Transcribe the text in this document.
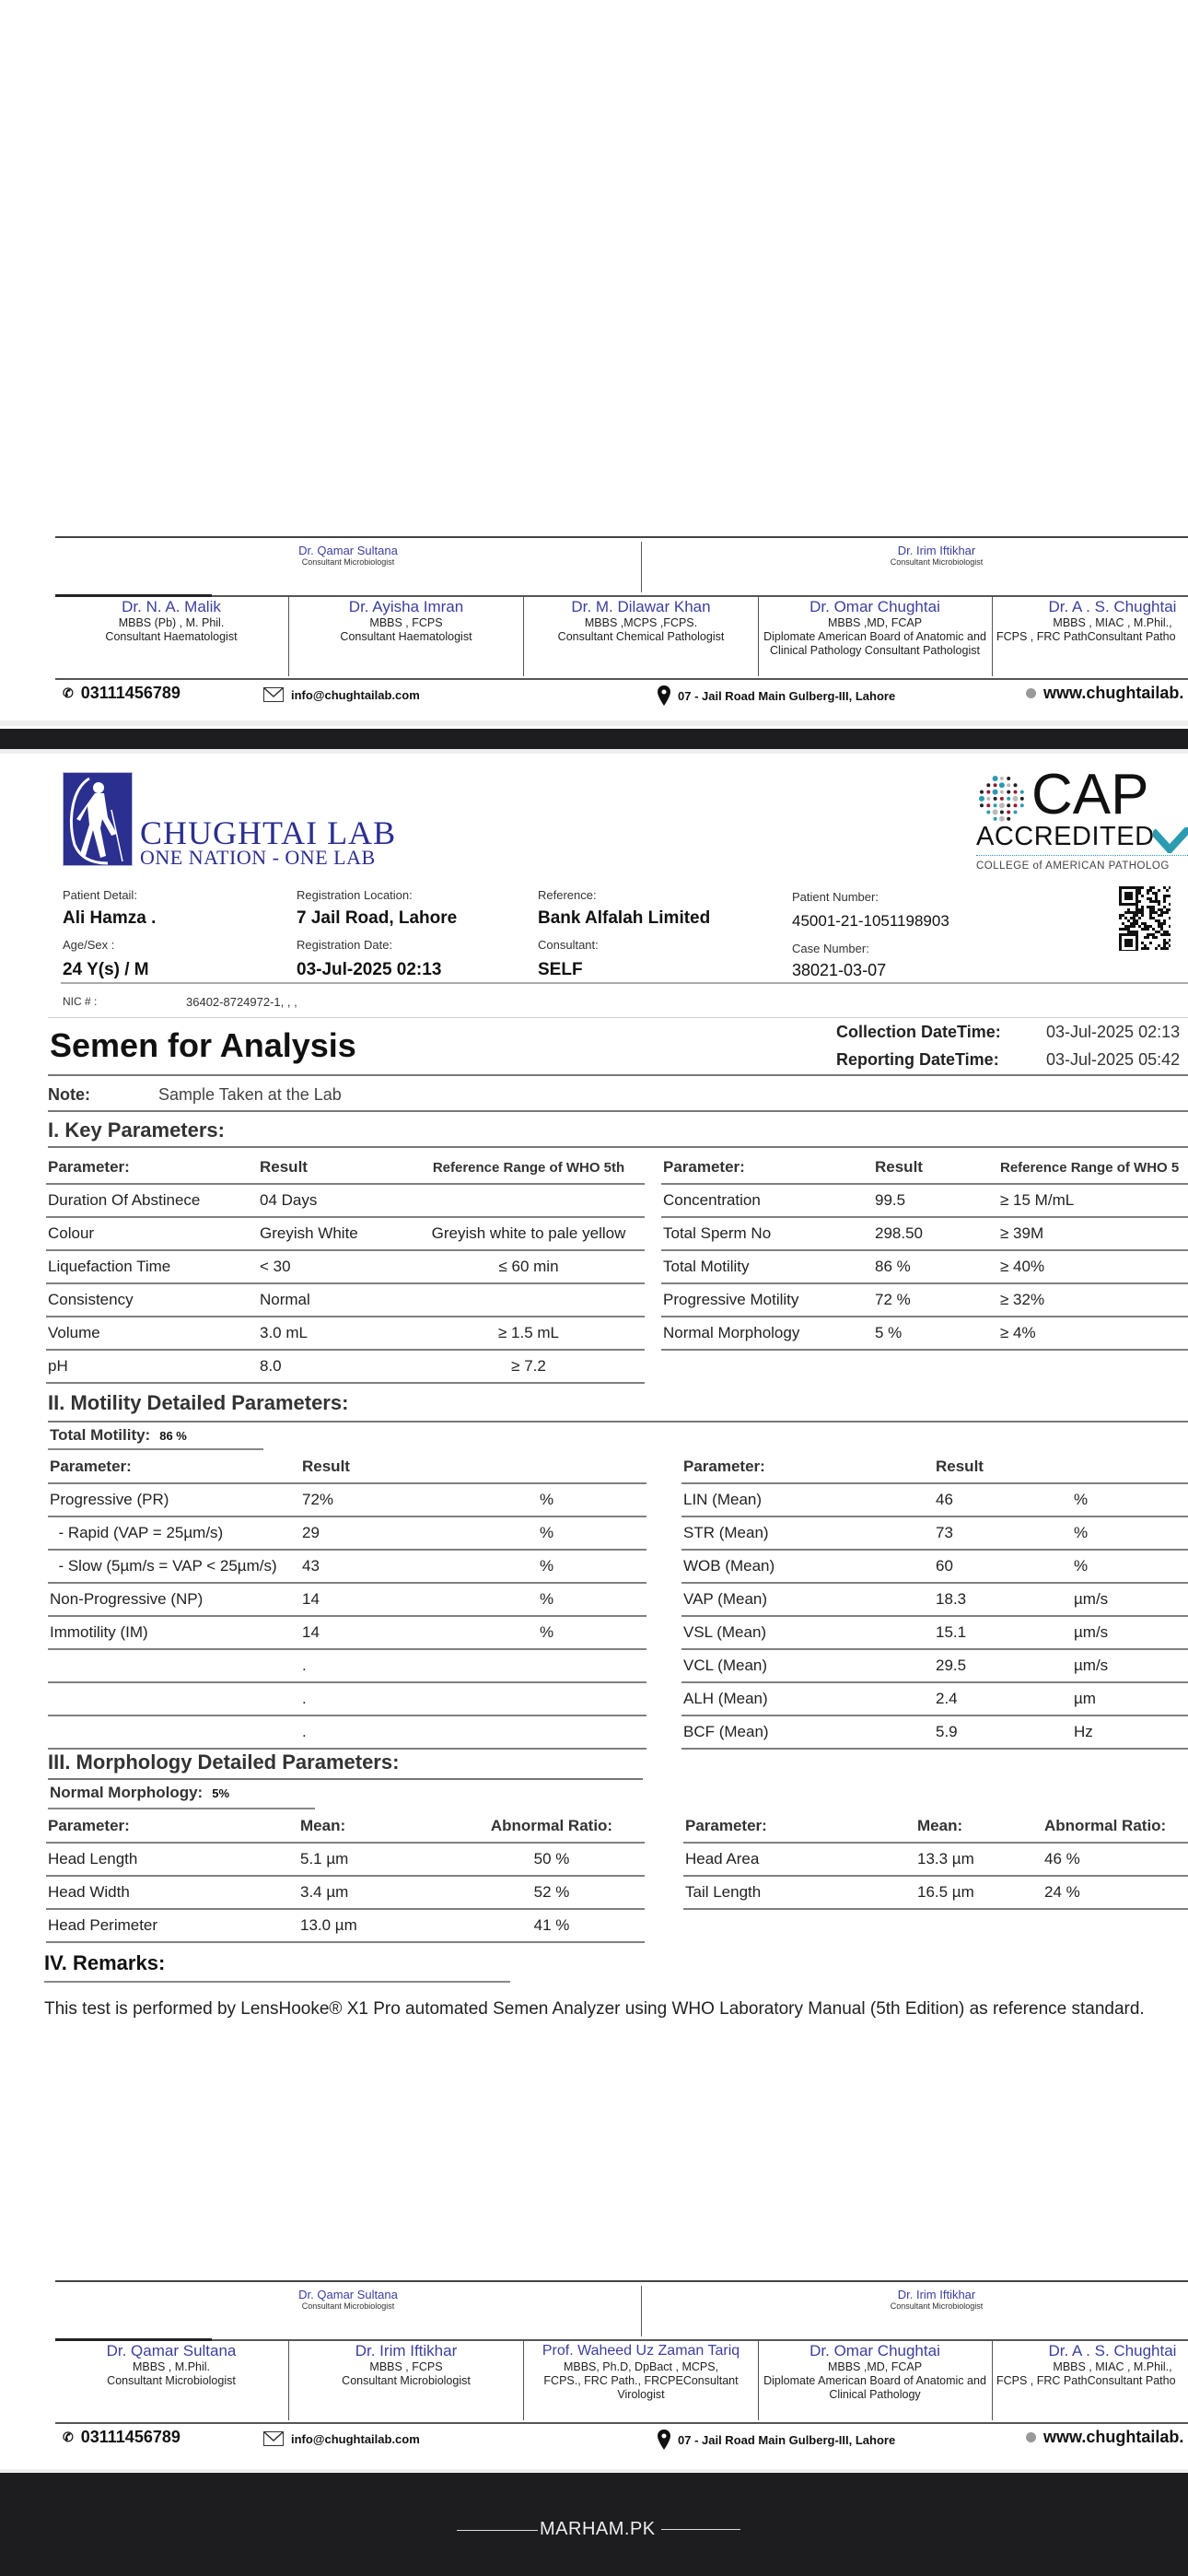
Dr. Qamar Sultana
Consultant Microbiologist
Dr. Irim Iftikhar
Consultant Microbiologist
Dr. N. A. Malik
MBBS (Pb) , M. Phil.
Consultant Haematologist
Dr. Ayisha Imran
MBBS , FCPS
Consultant Haematologist
Dr. M. Dilawar Khan
MBBS ,MCPS ,FCPS.
Consultant Chemical Pathologist
Dr. Omar Chughtai
MBBS ,MD, FCAP
Diplomate American Board of Anatomic and Clinical Pathology Consultant Pathologist
Dr. A . S. Chughtai
MBBS , MIAC , M.Phil.,
FCPS , FRC PathConsultant Patho
✆ 03111456789	info@chughtailab.com	07 - Jail Road Main Gulberg-III, Lahore	www.chughtailab.
CHUGHTAI LAB
ONE NATION - ONE LAB
CAP
ACCREDITED
COLLEGE of AMERICAN PATHOLOG
Patient Detail:
Ali Hamza .
Age/Sex :
24 Y(s) / M
Registration Location:
7 Jail Road, Lahore
Registration Date:
03-Jul-2025 02:13
Reference:
Bank Alfalah Limited
Consultant:
SELF
Patient Number:
45001-21-1051198903
Case Number:
38021-03-07
NIC # :	36402-8724972-1, , ,
Semen for Analysis	Collection DateTime:	03-Jul-2025 02:13
Reporting DateTime:	03-Jul-2025 05:42
Note:	Sample Taken at the Lab
I. Key Parameters:
Parameter:	Result	Reference Range of WHO 5th
Duration Of Abstinece	04 Days	
Colour	Greyish White	Greyish white to pale yellow
Liquefaction Time	< 30	≤ 60 min
Consistency	Normal	
Volume	3.0 mL	≥ 1.5 mL
pH	8.0	≥ 7.2
Parameter:	Result	Reference Range of WHO 5
Concentration	99.5	≥ 15 M/mL
Total Sperm No	298.50	≥ 39M
Total Motility	86 %	≥ 40%
Progressive Motility	72 %	≥ 32%
Normal Morphology	5 %	≥ 4%
II. Motility Detailed Parameters:
Total Motility: 86 %
Parameter:	Result	
Progressive (PR)	72%	%
- Rapid (VAP = 25µm/s)	29	%
- Slow (5µm/s = VAP < 25µm/s)	43	%
Non-Progressive (NP)	14	%
Immotility (IM)	14	%
	.	
	.	
	.	
Parameter:	Result	
LIN (Mean)	46	%
STR (Mean)	73	%
WOB (Mean)	60	%
VAP (Mean)	18.3	µm/s
VSL (Mean)	15.1	µm/s
VCL (Mean)	29.5	µm/s
ALH (Mean)	2.4	µm
BCF (Mean)	5.9	Hz
III. Morphology Detailed Parameters:
Normal Morphology: 5%
Parameter:	Mean:	Abnormal Ratio:
Head Length	5.1 µm	50 %
Head Width	3.4 µm	52 %
Head Perimeter	13.0 µm	41 %
Parameter:	Mean:	Abnormal Ratio:
Head Area	13.3 µm	46 %
Tail Length	16.5 µm	24 %
IV. Remarks:
This test is performed by LensHooke® X1 Pro automated Semen Analyzer using WHO Laboratory Manual (5th Edition) as reference standard.
Dr. Qamar Sultana
Consultant Microbiologist
Dr. Irim Iftikhar
Consultant Microbiologist
Dr. Qamar Sultana
MBBS , M.Phil.
Consultant Microbiologist
Dr. Irim Iftikhar
MBBS , FCPS
Consultant Microbiologist
Prof. Waheed Uz Zaman Tariq
MBBS, Ph.D, DpBact , MCPS,
FCPS., FRC Path., FRCPEConsultant Virologist
Dr. Omar Chughtai
MBBS ,MD, FCAP
Diplomate American Board of Anatomic and Clinical Pathology
Dr. A . S. Chughtai
MBBS , MIAC , M.Phil.,
FCPS , FRC PathConsultant Patho
✆ 03111456789	info@chughtailab.com	07 - Jail Road Main Gulberg-III, Lahore	www.chughtailab.
MARHAM.PK
